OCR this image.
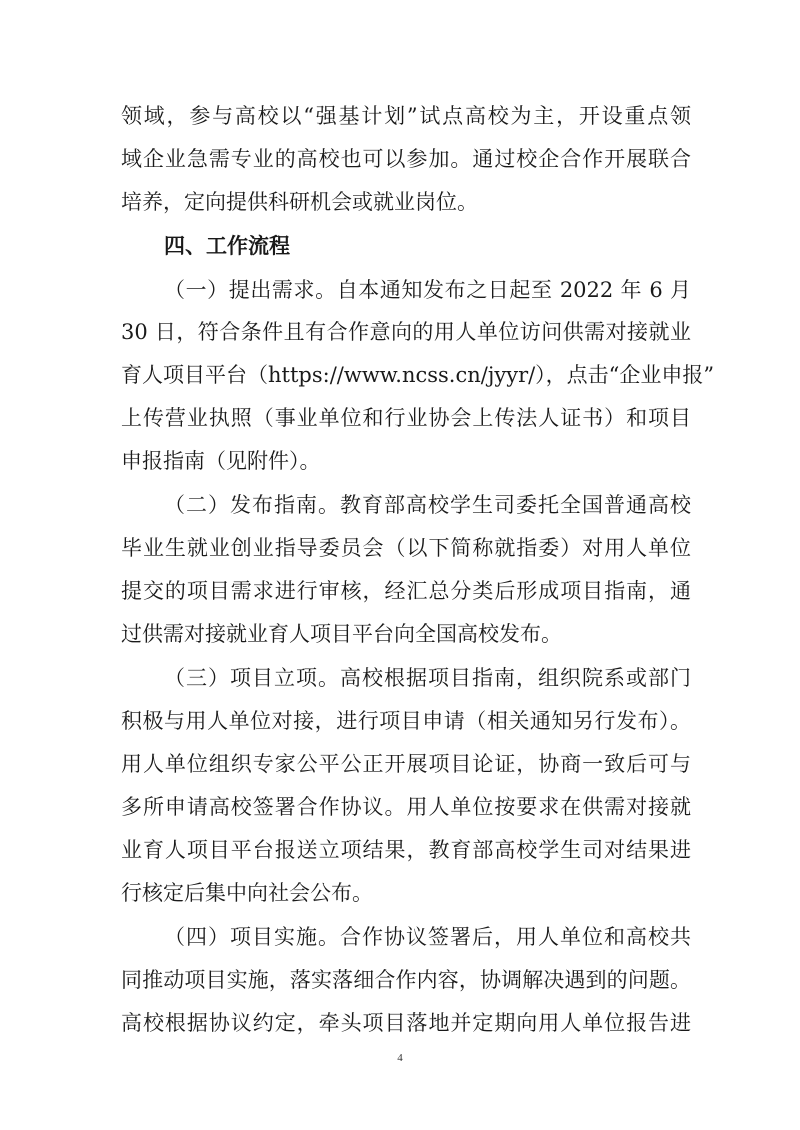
领域，参与高校以“强基计划”试点高校为主，开设重点领
域企业急需专业的高校也可以参加。通过校企合作开展联合
培养，定向提供科研机会或就业岗位。
四、工作流程
（一）提出需求。自本通知发布之日起至 2022 年 6 月
30 日，符合条件且有合作意向的用人单位访问供需对接就业
育人项目平台（https://www.ncss.cn/jyyr/），点击“企业申报”
上传营业执照（事业单位和行业协会上传法人证书）和项目
申报指南（见附件）。
（二）发布指南。教育部高校学生司委托全国普通高校
毕业生就业创业指导委员会（以下简称就指委）对用人单位
提交的项目需求进行审核，经汇总分类后形成项目指南，通
过供需对接就业育人项目平台向全国高校发布。
（三）项目立项。高校根据项目指南，组织院系或部门
积极与用人单位对接，进行项目申请（相关通知另行发布）。
用人单位组织专家公平公正开展项目论证，协商一致后可与
多所申请高校签署合作协议。用人单位按要求在供需对接就
业育人项目平台报送立项结果，教育部高校学生司对结果进
行核定后集中向社会公布。
（四）项目实施。合作协议签署后，用人单位和高校共
同推动项目实施，落实落细合作内容，协调解决遇到的问题。
高校根据协议约定，牵头项目落地并定期向用人单位报告进
4
